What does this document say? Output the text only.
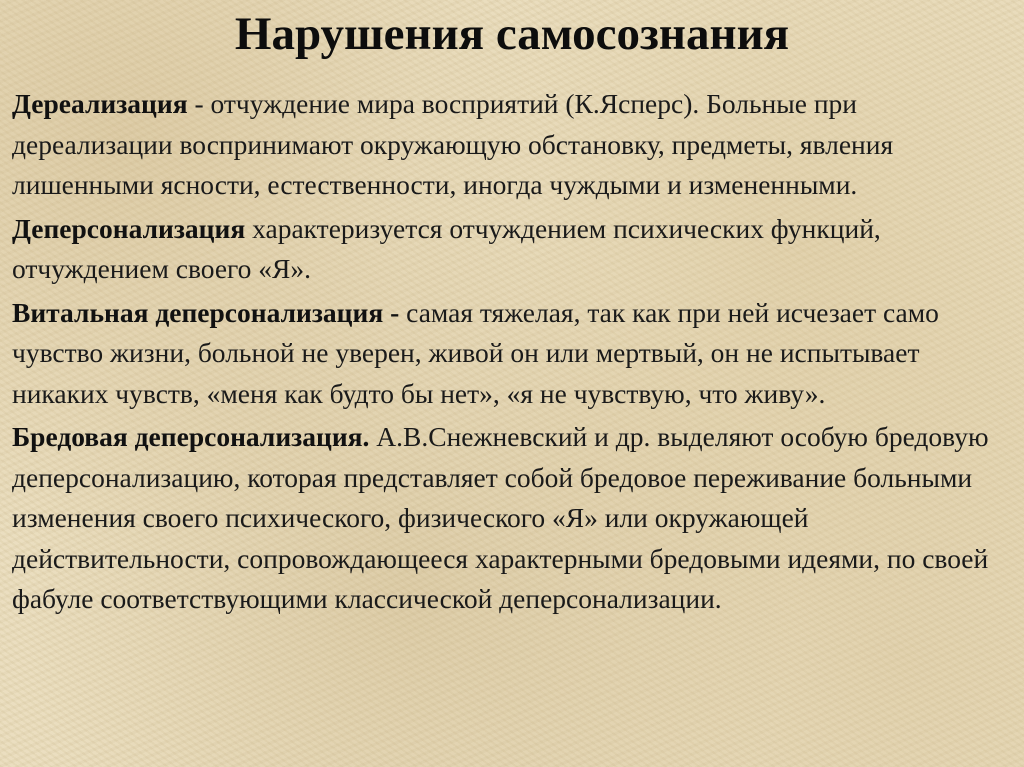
Нарушения самосознания

Дереализация - отчуждение мира восприятий (К.Ясперс). Больные при дереализации воспринимают окружающую обстановку, предметы, явления лишенными ясности, естественности, иногда чуждыми и измененными.

Деперсонализация характеризуется отчуждением психических функций, отчуждением своего «Я».

Витальная деперсонализация - самая тяжелая, так как при ней исчезает само чувство жизни, больной не уверен, живой он или мертвый, он не испытывает никаких чувств, «меня как будто бы нет», «я не чувствую, что живу».

Бредовая деперсонализация. А.В.Снежневский и др. выделяют особую бредовую деперсонализацию, которая представляет собой бредовое переживание больными изменения своего психического, физического «Я» или окружающей действительности, сопровождающееся характерными бредовыми идеями, по своей фабуле соответствующими классической деперсонализации.
